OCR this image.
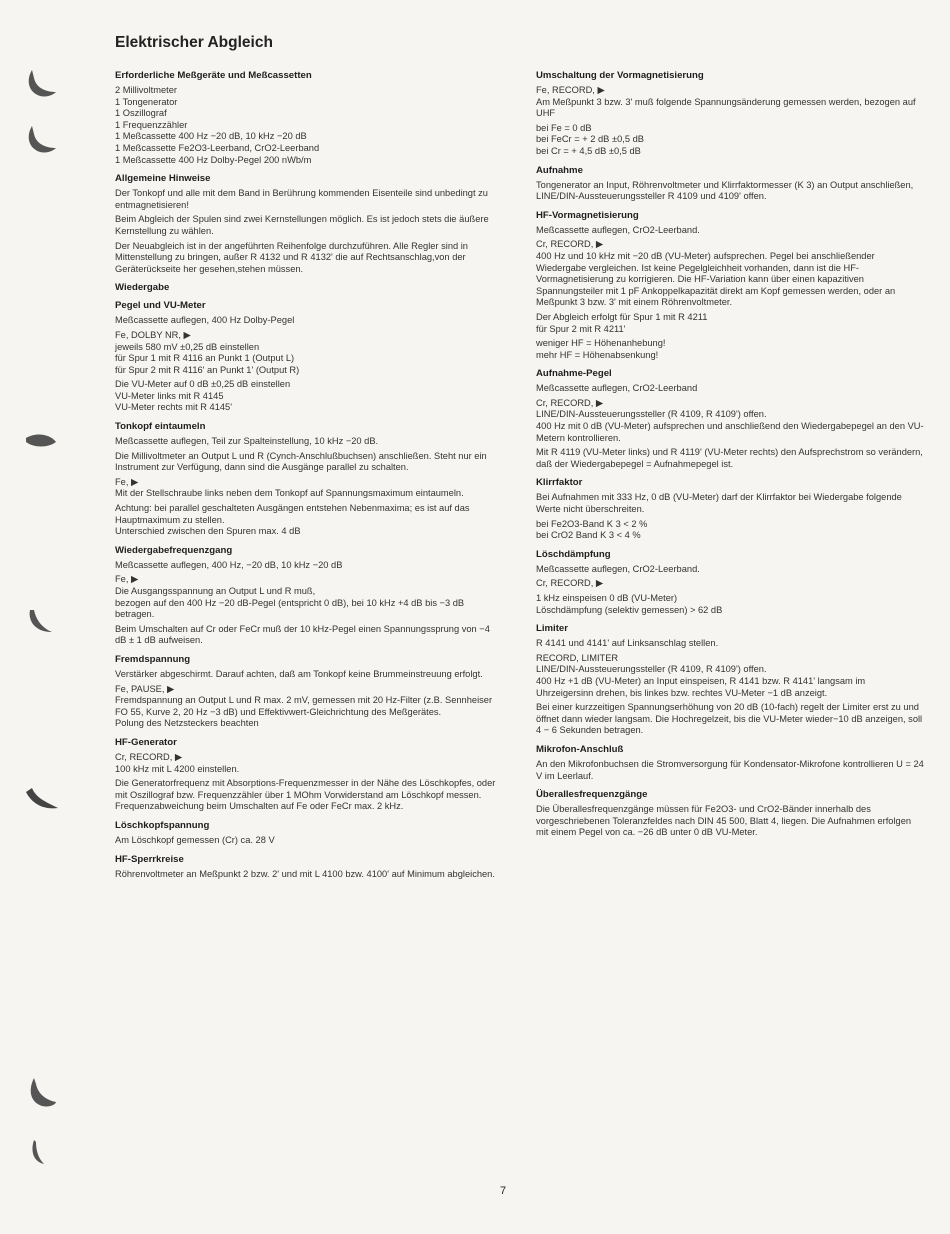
Elektrischer Abgleich
Erforderliche Meßgeräte und Meßcassetten
2 Millivoltmeter
1 Tongenerator
1 Oszillograf
1 Frequenzzähler
1 Meßcassette 400 Hz −20 dB, 10 kHz −20 dB
1 Meßcassette Fe2O3-Leerband, CrO2-Leerband
1 Meßcassette 400 Hz Dolby-Pegel 200 nWb/m
Allgemeine Hinweise
Der Tonkopf und alle mit dem Band in Berührung kommenden Eisenteile sind unbedingt zu entmagnetisieren!
Beim Abgleich der Spulen sind zwei Kernstellungen möglich. Es ist jedoch stets die äußere Kernstellung zu wählen.
Der Neuabgleich ist in der angeführten Reihenfolge durchzuführen. Alle Regler sind in Mittenstellung zu bringen, außer R 4132 und R 4132' die auf Rechtsanschlag,von der Geräterückseite her gesehen,stehen müssen.
Wiedergabe
Pegel und VU-Meter
Meßcassette auflegen, 400 Hz Dolby-Pegel
Fe, DOLBY NR, ▶
jeweils 580 mV ±0,25 dB einstellen
für Spur 1 mit R 4116 an Punkt 1 (Output L)
für Spur 2 mit R 4116' an Punkt 1' (Output R)
Die VU-Meter auf 0 dB ±0,25 dB einstellen
VU-Meter links mit R 4145
VU-Meter rechts mit R 4145'
Tonkopf eintaumeln
Meßcassette auflegen, Teil zur Spalteinstellung, 10 kHz −20 dB.
Die Millivoltmeter an Output L und R (Cynch-Anschlußbuchsen) anschließen. Steht nur ein Instrument zur Verfügung, dann sind die Ausgänge parallel zu schalten.
Fe, ▶
Mit der Stellschraube links neben dem Tonkopf auf Spannungsmaximum eintaumeln.
Achtung: bei parallel geschalteten Ausgängen entstehen Nebenmaxima; es ist auf das Hauptmaximum zu stellen.
Unterschied zwischen den Spuren max. 4 dB
Wiedergabefrequenzgang
Meßcassette auflegen, 400 Hz, −20 dB, 10 kHz −20 dB
Fe, ▶
Die Ausgangsspannung an Output L und R muß,
bezogen auf den 400 Hz −20 dB-Pegel (entspricht 0 dB), bei 10 kHz +4 dB bis −3 dB betragen.
Beim Umschalten auf Cr oder FeCr muß der 10 kHz-Pegel einen Spannungssprung von −4 dB ± 1 dB aufweisen.
Fremdspannung
Verstärker abgeschirmt. Darauf achten, daß am Tonkopf keine Brummeinstreuung erfolgt.
Fe, PAUSE, ▶
Fremdspannung an Output L und R max. 2 mV, gemessen mit 20 Hz-Filter (z.B. Sennheiser FO 55, Kurve 2, 20 Hz −3 dB) und Effektivwert-Gleichrichtung des Meßgerätes.
Polung des Netzsteckers beachten
HF-Generator
Cr, RECORD, ▶
100 kHz mit L 4200 einstellen.
Die Generatorfrequenz mit Absorptions-Frequenzmesser in der Nähe des Löschkopfes, oder mit Oszillograf bzw. Frequenzzähler über 1 MOhm Vorwiderstand am Löschkopf messen. Frequenzabweichung beim Umschalten auf Fe oder FeCr max. 2 kHz.
Löschkopfspannung
Am Löschkopf gemessen (Cr) ca. 28 V
HF-Sperrkreise
Röhrenvoltmeter an Meßpunkt 2 bzw. 2' und mit L 4100 bzw. 4100' auf Minimum abgleichen.
Umschaltung der Vormagnetisierung
Fe, RECORD, ▶
Am Meßpunkt 3 bzw. 3' muß folgende Spannungsänderung gemessen werden, bezogen auf UHF
bei Fe = 0 dB
bei FeCr = + 2 dB ±0,5 dB
bei Cr = + 4,5 dB ±0,5 dB
Aufnahme
Tongenerator an Input, Röhrenvoltmeter und Klirrfaktormesser (K 3) an Output anschließen, LINE/DIN-Aussteuerungssteller R 4109 und 4109' offen.
HF-Vormagnetisierung
Meßcassette auflegen, CrO2-Leerband.
Cr, RECORD, ▶
400 Hz und 10 kHz mit −20 dB (VU-Meter) aufsprechen. Pegel bei anschließender Wiedergabe vergleichen. Ist keine Pegelgleichheit vorhanden, dann ist die HF-Vormagnetisierung zu korrigieren. Die HF-Variation kann über einen kapazitiven Spannungsteiler mit 1 pF Ankoppelkapazität direkt am Kopf gemessen werden, oder an Meßpunkt 3 bzw. 3' mit einem Röhrenvoltmeter.
Der Abgleich erfolgt für Spur 1 mit R 4211
für Spur 2 mit R 4211'
weniger HF = Höhenanhebung!
mehr HF = Höhenabsenkung!
Aufnahme-Pegel
Meßcassette auflegen, CrO2-Leerband
Cr, RECORD, ▶
LINE/DIN-Aussteuerungssteller (R 4109, R 4109') offen.
400 Hz mit 0 dB (VU-Meter) aufsprechen und anschließend den Wiedergabepegel an den VU-Metern kontrollieren.
Mit R 4119 (VU-Meter links) und R 4119' (VU-Meter rechts) den Aufsprechstrom so verändern, daß der Wiedergabepegel = Aufnahmepegel ist.
Klirrfaktor
Bei Aufnahmen mit 333 Hz, 0 dB (VU-Meter) darf der Klirrfaktor bei Wiedergabe folgende Werte nicht überschreiten.
bei Fe2O3-Band K 3 < 2 %
bei CrO2 Band K 3 < 4 %
Löschdämpfung
Meßcassette auflegen, CrO2-Leerband.
Cr, RECORD, ▶
1 kHz einspeisen 0 dB (VU-Meter)
Löschdämpfung (selektiv gemessen) > 62 dB
Limiter
R 4141 und 4141' auf Linksanschlag stellen.
RECORD, LIMITER
LINE/DIN-Aussteuerungssteller (R 4109, R 4109') offen.
400 Hz +1 dB (VU-Meter) an Input einspeisen, R 4141 bzw. R 4141' langsam im Uhrzeigersinn drehen, bis linkes bzw. rechtes VU-Meter −1 dB anzeigt.
Bei einer kurzzeitigen Spannungserhöhung von 20 dB (10-fach) regelt der Limiter erst zu und öffnet dann wieder langsam. Die Hochregelzeit, bis die VU-Meter wieder−10 dB anzeigen, soll 4 − 6 Sekunden betragen.
Mikrofon-Anschluß
An den Mikrofonbuchsen die Stromversorgung für Kondensator-Mikrofone kontrollieren U = 24 V im Leerlauf.
Überallesfrequenzgänge
Die Überallesfrequenzgänge müssen für Fe2O3- und CrO2-Bänder innerhalb des vorgeschriebenen Toleranzfeldes nach DIN 45 500, Blatt 4, liegen. Die Aufnahmen erfolgen mit einem Pegel von ca. −26 dB unter 0 dB VU-Meter.
7
